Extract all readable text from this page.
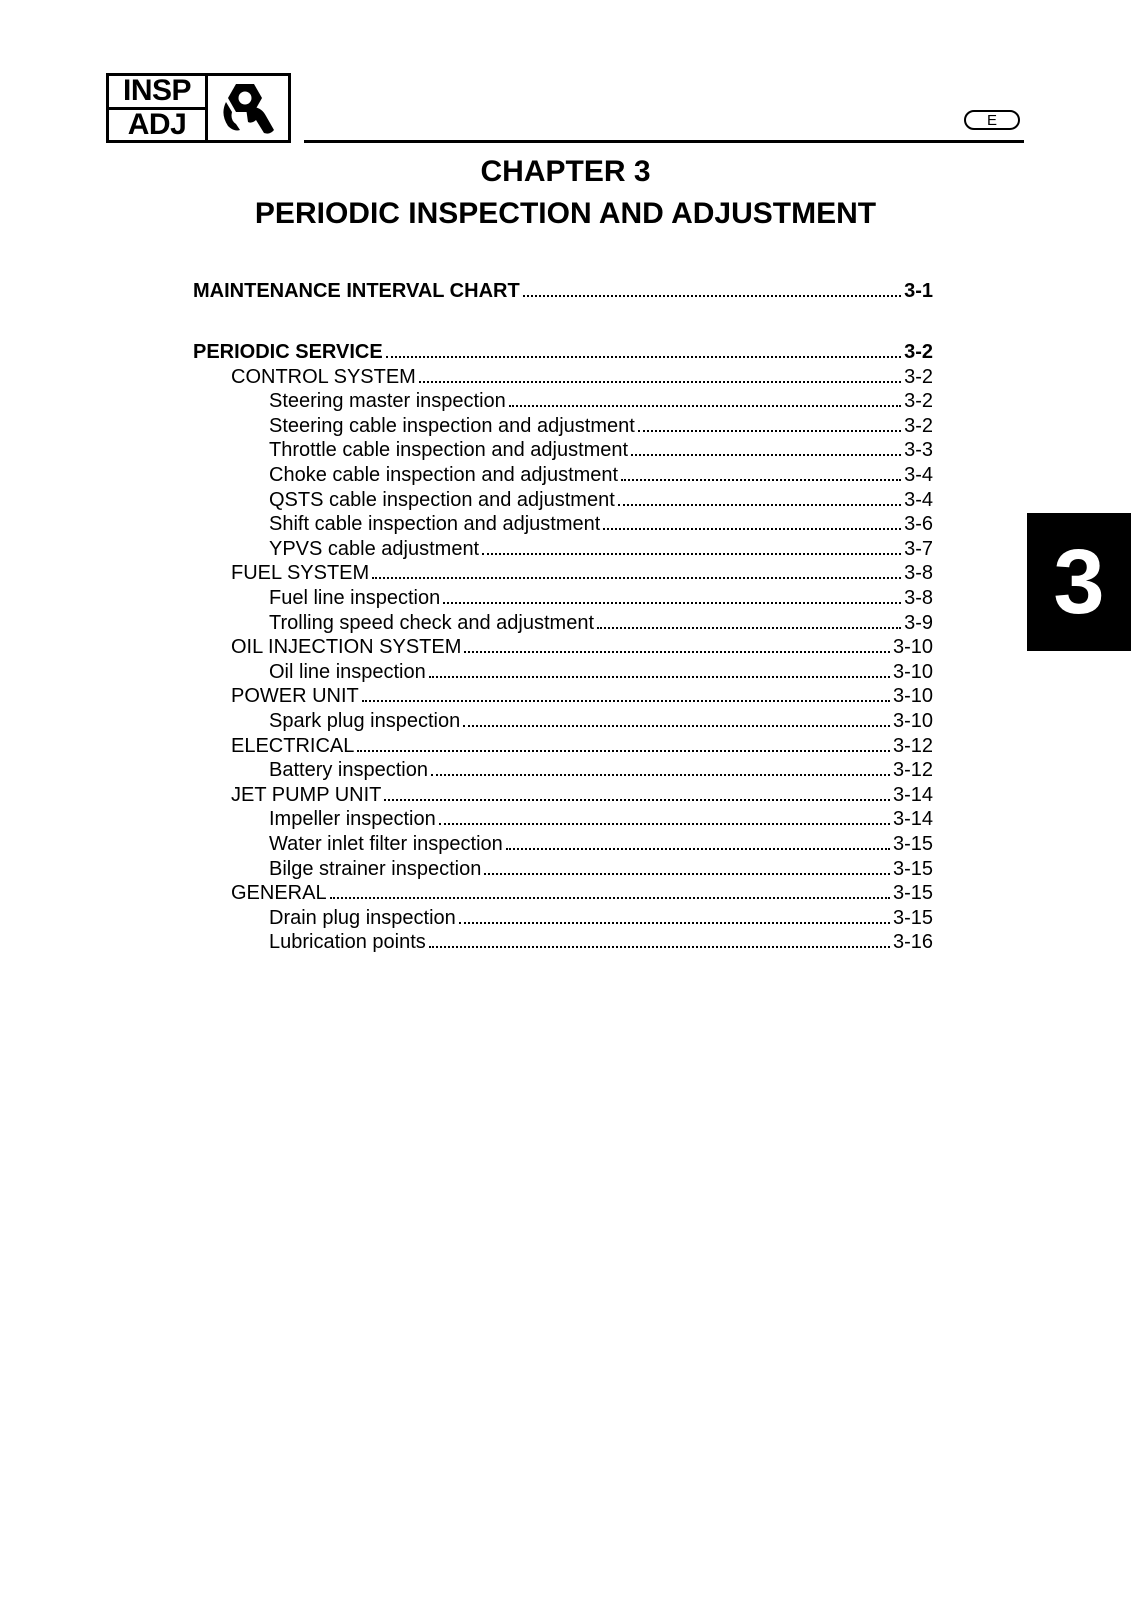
INSP
ADJ	E
CHAPTER 3
PERIODIC INSPECTION AND ADJUSTMENT
MAINTENANCE INTERVAL CHART	3-1
PERIODIC SERVICE	3-2
CONTROL SYSTEM	3-2
Steering master inspection	3-2
Steering cable inspection and adjustment	3-2
Throttle cable inspection and adjustment	3-3
Choke cable inspection and adjustment	3-4
QSTS cable inspection and adjustment	3-4
Shift cable inspection and adjustment	3-6
YPVS cable adjustment	3-7
FUEL SYSTEM	3-8
Fuel line inspection	3-8
Trolling speed check and adjustment	3-9
OIL INJECTION SYSTEM	3-10
Oil line inspection	3-10
POWER UNIT	3-10
Spark plug inspection	3-10
ELECTRICAL	3-12
Battery inspection	3-12
JET PUMP UNIT	3-14
Impeller inspection	3-14
Water inlet filter inspection	3-15
Bilge strainer inspection	3-15
GENERAL	3-15
Drain plug inspection	3-15
Lubrication points	3-16
3
